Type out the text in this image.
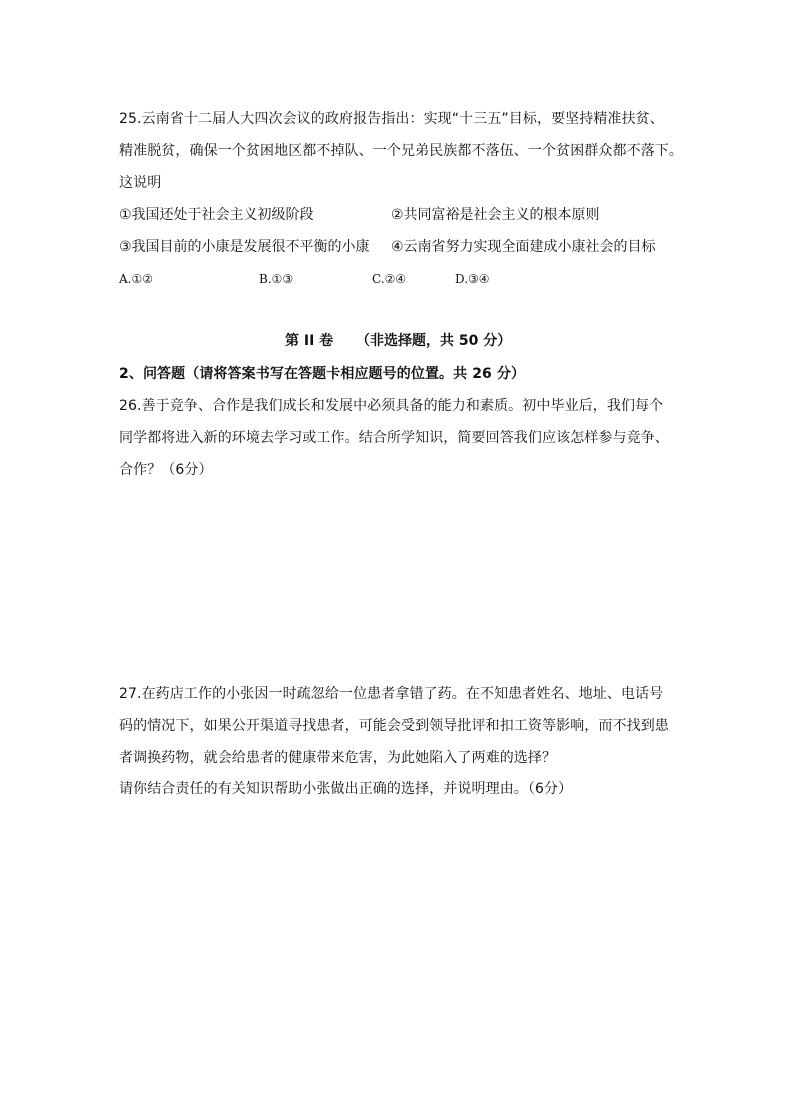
25.云南省十二届人大四次会议的政府报告指出：实现“十三五”目标，要坚持精准扶贫、
精准脱贫，确保一个贫困地区都不掉队、一个兄弟民族都不落伍、一个贫困群众都不落下。
这说明
①我国还处于社会主义初级阶段	②共同富裕是社会主义的根本原则
③我国目前的小康是发展很不平衡的小康 ④云南省努力实现全面建成小康社会的目标
A.①②	B.①③	C.②④	D.③④
第 II 卷 （非选择题，共 50 分）
2、问答题（请将答案书写在答题卡相应题号的位置。共 26 分）
26.善于竞争、合作是我们成长和发展中必须具备的能力和素质。初中毕业后，我们每个
同学都将进入新的环境去学习或工作。结合所学知识，简要回答我们应该怎样参与竞争、
合作？（6分）
27.在药店工作的小张因一时疏忽给一位患者拿错了药。在不知患者姓名、地址、电话号
码的情况下，如果公开渠道寻找患者，可能会受到领导批评和扣工资等影响，而不找到患
者调换药物，就会给患者的健康带来危害，为此她陷入了两难的选择？
请你结合责任的有关知识帮助小张做出正确的选择，并说明理由。（6分）
